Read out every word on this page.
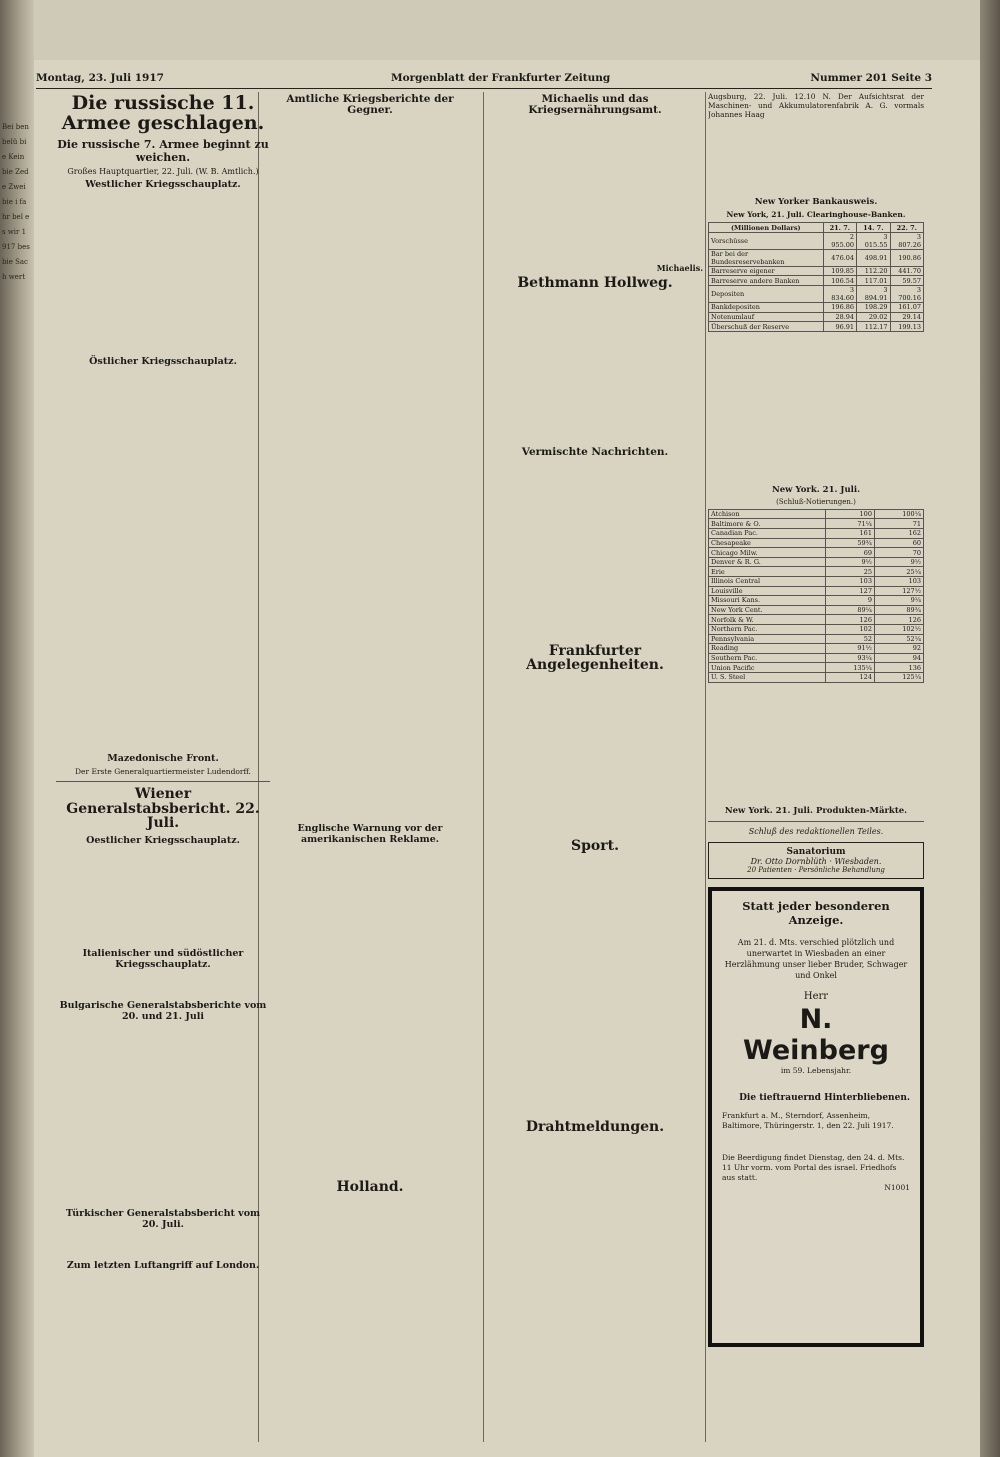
Bei ben belü bie Kein bie Zede Zwei bie i fahr bel es wir 1917 bes bie Sach wert
Montag, 23. Juli 1917	Morgenblatt der Frankfurter Zeitung	Nummer 201 Seite 3
Die russische 11. Armee geschlagen.
Die russische 7. Armee beginnt zu weichen.
Großes Hauptquartier, 22. Juli. (W. B. Amtlich.)
Westlicher Kriegsschauplatz.
Östlicher Kriegsschauplatz.
Mazedonische Front.
Der Erste Generalquartiermeister Ludendorff.
Wiener Generalstabsbericht. 22. Juli.
Oestlicher Kriegsschauplatz.
Italienischer und südöstlicher Kriegsschauplatz.
Bulgarische Generalstabsberichte vom 20. und 21. Juli
Türkischer Generalstabsbericht vom 20. Juli.
Zum letzten Luftangriff auf London.
Amtliche Kriegsberichte der Gegner.
Englische Warnung vor der amerikanischen Reklame.
Holland.
Michaelis und das Kriegsernährungsamt.
Michaelis.
Bethmann Hollweg.
Vermischte Nachrichten.
Frankfurter Angelegenheiten.
Sport.
Drahtmeldungen.
Augsburg, 22. Juli. 12.10 N. Der Aufsichtsrat der Maschinen- und Akkumulatorenfabrik A. G. vormals Johannes Haag
New Yorker Bankausweis.
New York, 21. Juli. Clearinghouse-Banken.
(Millionen Dollars)	21. 7.	14. 7.	22. 7.
Vorschüsse	2 955.00	3 015.55	3 807.26
Bar bei der Bundesreservebanken	476.04	498.91	190.86
Barreserve eigener	109.85	112.20	441.70
Barreserve andere Banken	106.54	117.01	59.57
Depositen	3 834.60	3 894.91	3 700.16
Bankdepositen	196.86	198.29	161.07
Notenumlauf	28.94	29.02	29.14
Überschuß der Reserve	96.91	112.17	199.13
New York. 21. Juli.
(Schluß-Notierungen.)
Atchison	100	100¼
Baltimore & O.	71¼	71
Canadian Pac.	161	162
Chesapeake	59¾	60
Chicago Milw.	69	70
Denver & R. G.	9½	9½
Erie	25	25¼
Illinois Central	103	103
Louisville	127	127½
Missouri Kans.	9	9¼
New York Cent.	89¼	89¾
Norfolk & W.	126	126
Northern Pac.	102	102½
Pennsylvania	52	52¼
Reading	91½	92
Southern Pac.	93¼	94
Union Pacific	135¼	136
U. S. Steel	124	125¼
New York. 21. Juli. Produkten-Märkte.
Schluß des redaktionellen Teiles.
Sanatorium
Dr. Otto Dornblüth · Wiesbaden.
20 Patienten · Persönliche Behandlung
Statt jeder besonderen Anzeige.
Am 21. d. Mts. verschied plötzlich und unerwartet in Wiesbaden an einer Herzlähmung unser lieber Bruder, Schwager und Onkel
Herr
N. Weinberg
im 59. Lebensjahr.
Die tieftrauernd Hinterbliebenen.
Frankfurt a. M., Sterndorf, Assenheim, Baltimore, Thüringerstr. 1, den 22. Juli 1917.
Die Beerdigung findet Dienstag, den 24. d. Mts. 11 Uhr vorm. vom Portal des israel. Friedhofs aus statt.
N1001
